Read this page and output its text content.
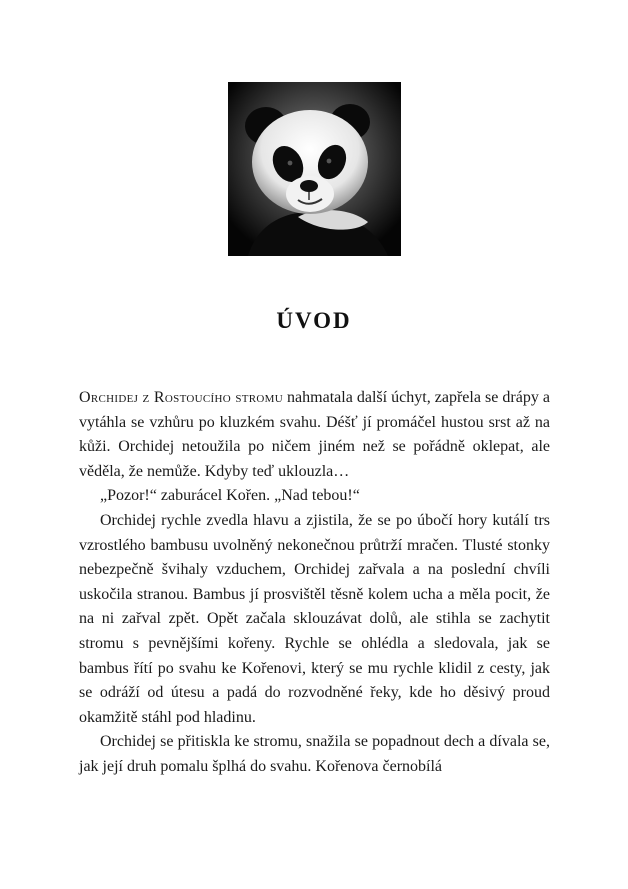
ÚVOD

Orchidej z Rostoucího stromu nahmatala další úchyt, zapřela se drápy a vytáhla se vzhůru po kluzkém svahu. Déšť jí promáčel hustou srst až na kůži. Orchidej netoužila po ničem jiném než se pořádně oklepat, ale věděla, že nemůže. Kdyby teď uklouzla…

„Pozor!“ zaburácel Kořen. „Nad tebou!“

Orchidej rychle zvedla hlavu a zjistila, že se po úbočí hory kutálí trs vzrostlého bambusu uvolněný nekonečnou průtrží mračen. Tlusté stonky nebezpečně švihaly vzduchem, Orchidej zařvala a na poslední chvíli uskočila stranou. Bambus jí prosvištěl těsně kolem ucha a měla pocit, že na ni zařval zpět. Opět začala sklouzávat dolů, ale stihla se zachytit stromu s pevnějšími kořeny. Rychle se ohlédla a sledovala, jak se bambus řítí po svahu ke Kořenovi, který se mu rychle klidil z cesty, jak se odráží od útesu a padá do rozvodněné řeky, kde ho děsivý proud okamžitě stáhl pod hladinu.

Orchidej se přitiskla ke stromu, snažila se popadnout dech a dívala se, jak její druh pomalu šplhá do svahu. Kořenova černobílá
